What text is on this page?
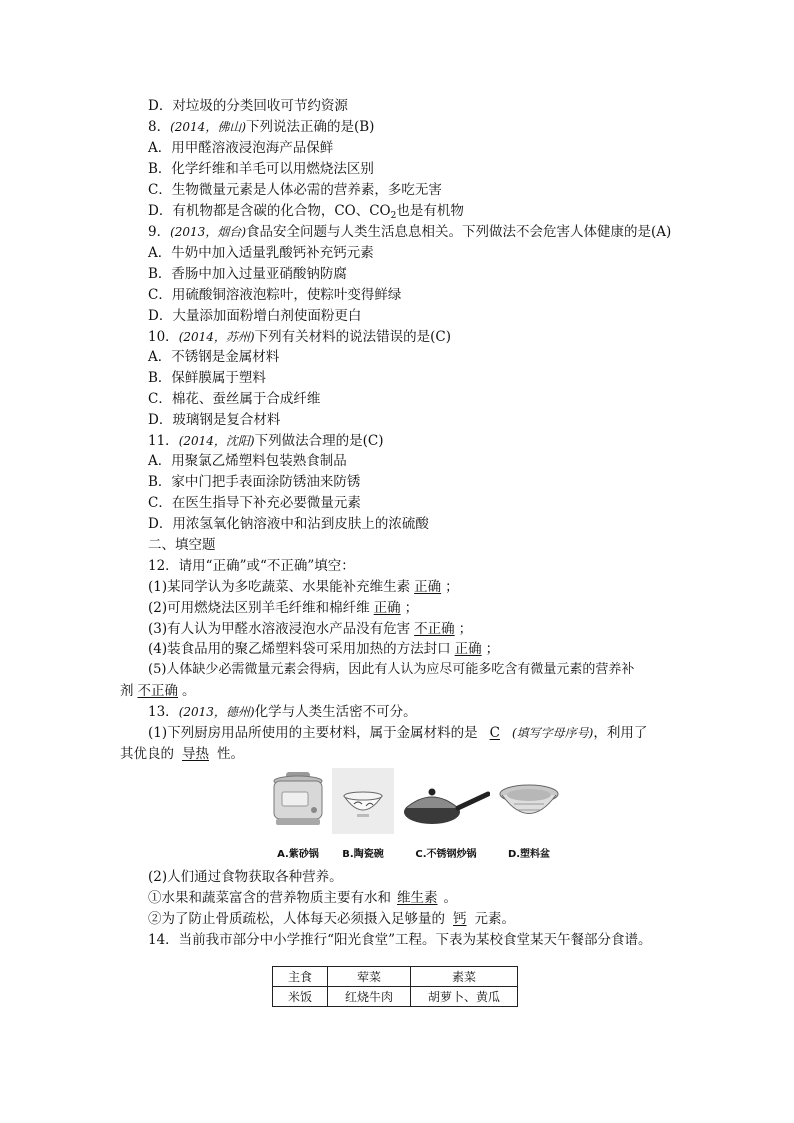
D．对垃圾的分类回收可节约资源
8．(2014，佛山)下列说法正确的是(B)
A．用甲醛溶液浸泡海产品保鲜
B．化学纤维和羊毛可以用燃烧法区别
C．生物微量元素是人体必需的营养素，多吃无害
D．有机物都是含碳的化合物，CO、$CO_2$也是有机物
9．(2013，烟台)食品安全问题与人类生活息息相关。下列做法不会危害人体健康的是(A)
A．牛奶中加入适量乳酸钙补充钙元素
B．香肠中加入过量亚硝酸钠防腐
C．用硫酸铜溶液泡粽叶，使粽叶变得鲜绿
D．大量添加面粉增白剂使面粉更白
10．(2014，苏州)下列有关材料的说法错误的是(C)
A．不锈钢是金属材料
B．保鲜膜属于塑料
C．棉花、蚕丝属于合成纤维
D．玻璃钢是复合材料
11．(2014，沈阳)下列做法合理的是(C)
A．用聚氯乙烯塑料包装熟食制品
B．家中门把手表面涂防锈油来防锈
C．在医生指导下补充必要微量元素
D．用浓氢氧化钠溶液中和沾到皮肤上的浓硫酸
二、填空题
12．请用“正确”或“不正确”填空：
(1)某同学认为多吃蔬菜、水果能补充维生素 正确 ；
(2)可用燃烧法区别羊毛纤维和棉纤维 正确 ；
(3)有人认为甲醛水溶液浸泡水产品没有危害 不正确 ；
(4)装食品用的聚乙烯塑料袋可采用加热的方法封口 正确 ；
(5)人体缺少必需微量元素会得病，因此有人认为应尽可能多吃含有微量元素的营养补
剂 不正确 。
13．(2013，德州)化学与人类生活密不可分。
(1)下列厨房用品所使用的主要材料，属于金属材料的是 C (填写字母序号)，利用了
其优良的 导热 性。
A.紫砂锅	B.陶瓷碗	C.不锈钢炒锅	D.塑料盆
(2)人们通过食物获取各种营养。
①水果和蔬菜富含的营养物质主要有水和 维生素 。
②为了防止骨质疏松，人体每天必须摄入足够量的 钙 元素。
14．当前我市部分中小学推行“阳光食堂”工程。下表为某校食堂某天午餐部分食谱。
主食	荤菜	素菜
米饭	红烧牛肉	胡萝卜、黄瓜
